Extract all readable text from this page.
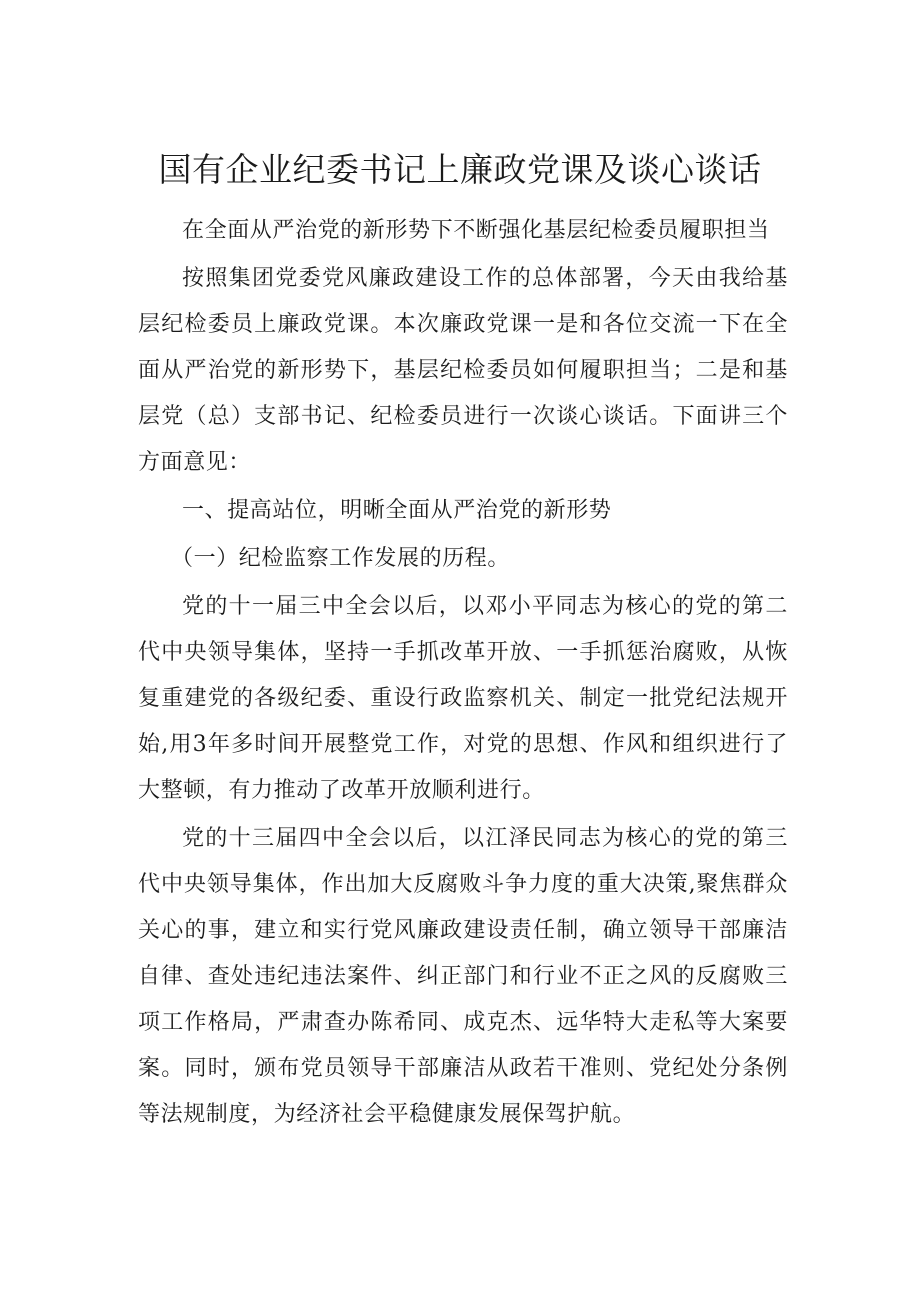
国有企业纪委书记上廉政党课及谈心谈话

在全面从严治党的新形势下不断强化基层纪检委员履职担当

按照集团党委党风廉政建设工作的总体部署，今天由我给基层纪检委员上廉政党课。本次廉政党课一是和各位交流一下在全面从严治党的新形势下，基层纪检委员如何履职担当；二是和基层党（总）支部书记、纪检委员进行一次谈心谈话。下面讲三个方面意见：

一、提高站位，明晰全面从严治党的新形势

（一）纪检监察工作发展的历程。

党的十一届三中全会以后，以邓小平同志为核心的党的第二代中央领导集体，坚持一手抓改革开放、一手抓惩治腐败，从恢复重建党的各级纪委、重设行政监察机关、制定一批党纪法规开始,用3年多时间开展整党工作，对党的思想、作风和组织进行了大整顿，有力推动了改革开放顺利进行。

党的十三届四中全会以后，以江泽民同志为核心的党的第三代中央领导集体，作出加大反腐败斗争力度的重大决策,聚焦群众关心的事，建立和实行党风廉政建设责任制，确立领导干部廉洁自律、查处违纪违法案件、纠正部门和行业不正之风的反腐败三项工作格局，严肃查办陈希同、成克杰、远华特大走私等大案要案。同时，颁布党员领导干部廉洁从政若干准则、党纪处分条例等法规制度，为经济社会平稳健康发展保驾护航。
